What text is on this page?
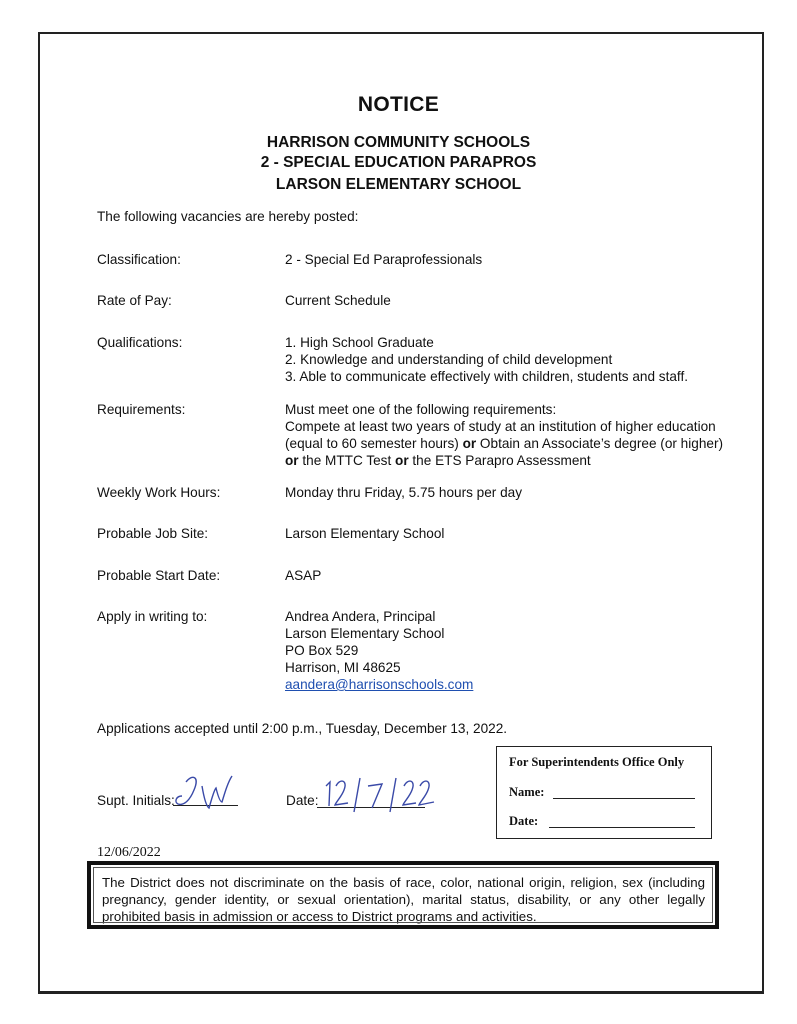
NOTICE
HARRISON COMMUNITY SCHOOLS
2 - SPECIAL EDUCATION PARAPROS
LARSON ELEMENTARY SCHOOL
The following vacancies are hereby posted:
Classification:	2 - Special Ed Paraprofessionals
Rate of Pay:	Current Schedule
Qualifications:	1. High School Graduate
2. Knowledge and understanding of child development
3. Able to communicate effectively with children, students and staff.
Requirements:	Must meet one of the following requirements:
Compete at least two years of study at an institution of higher education
(equal to 60 semester hours) or Obtain an Associate’s degree (or higher)
or the MTTC Test or the ETS Parapro Assessment
Weekly Work Hours:	Monday thru Friday, 5.75 hours per day
Probable Job Site:	Larson Elementary School
Probable Start Date:	ASAP
Apply in writing to:	Andrea Andera, Principal
Larson Elementary School
PO Box 529
Harrison, MI 48625
aandera@harrisonschools.com
Applications accepted until 2:00 p.m., Tuesday, December 13, 2022.
Supt. Initials:	Date:
For Superintendents Office Only
Name:
Date:
12/06/2022
The District does not discriminate on the basis of race, color, national origin, religion, sex (including pregnancy, gender identity, or sexual orientation), marital status, disability, or any other legally prohibited basis in admission or access to District programs and activities.
